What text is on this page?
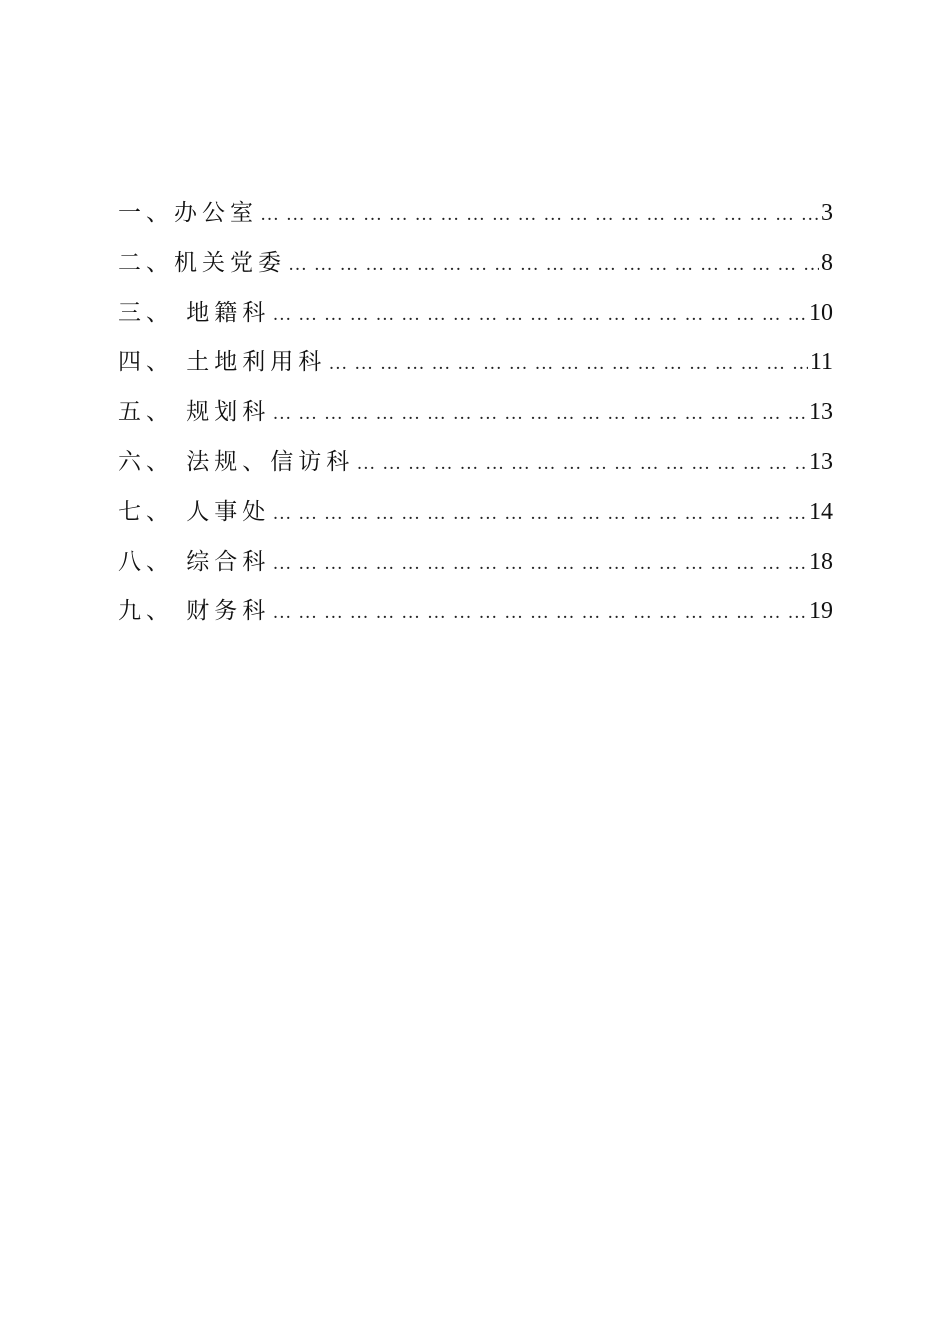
一、办公室 … … … … … … … … … … … … … … … … … … … … … … … … … … … … … … … … … … … … … … … … …	3
二、机关党委 … … … … … … … … … … … … … … … … … … … … … … … … … … … … … … … … … … … … … … … … …	8
三、 地籍科 … … … … … … … … … … … … … … … … … … … … … … … … … … … … … … … … … … … … … … … … …	10
四、 土地利用科 … … … … … … … … … … … … … … … … … … … … … … … … … … … … … … … … … … … … … … … … …	11
五、 规划科 … … … … … … … … … … … … … … … … … … … … … … … … … … … … … … … … … … … … … … … … …	13
六、 法规、信访科 … … … … … … … … … … … … … … … … … … … … … … … … … … … … … … … … … … … … … … … … …	13
七、 人事处 … … … … … … … … … … … … … … … … … … … … … … … … … … … … … … … … … … … … … … … … …	14
八、 综合科 … … … … … … … … … … … … … … … … … … … … … … … … … … … … … … … … … … … … … … … … …	18
九、 财务科 … … … … … … … … … … … … … … … … … … … … … … … … … … … … … … … … … … … … … … … … …	19
